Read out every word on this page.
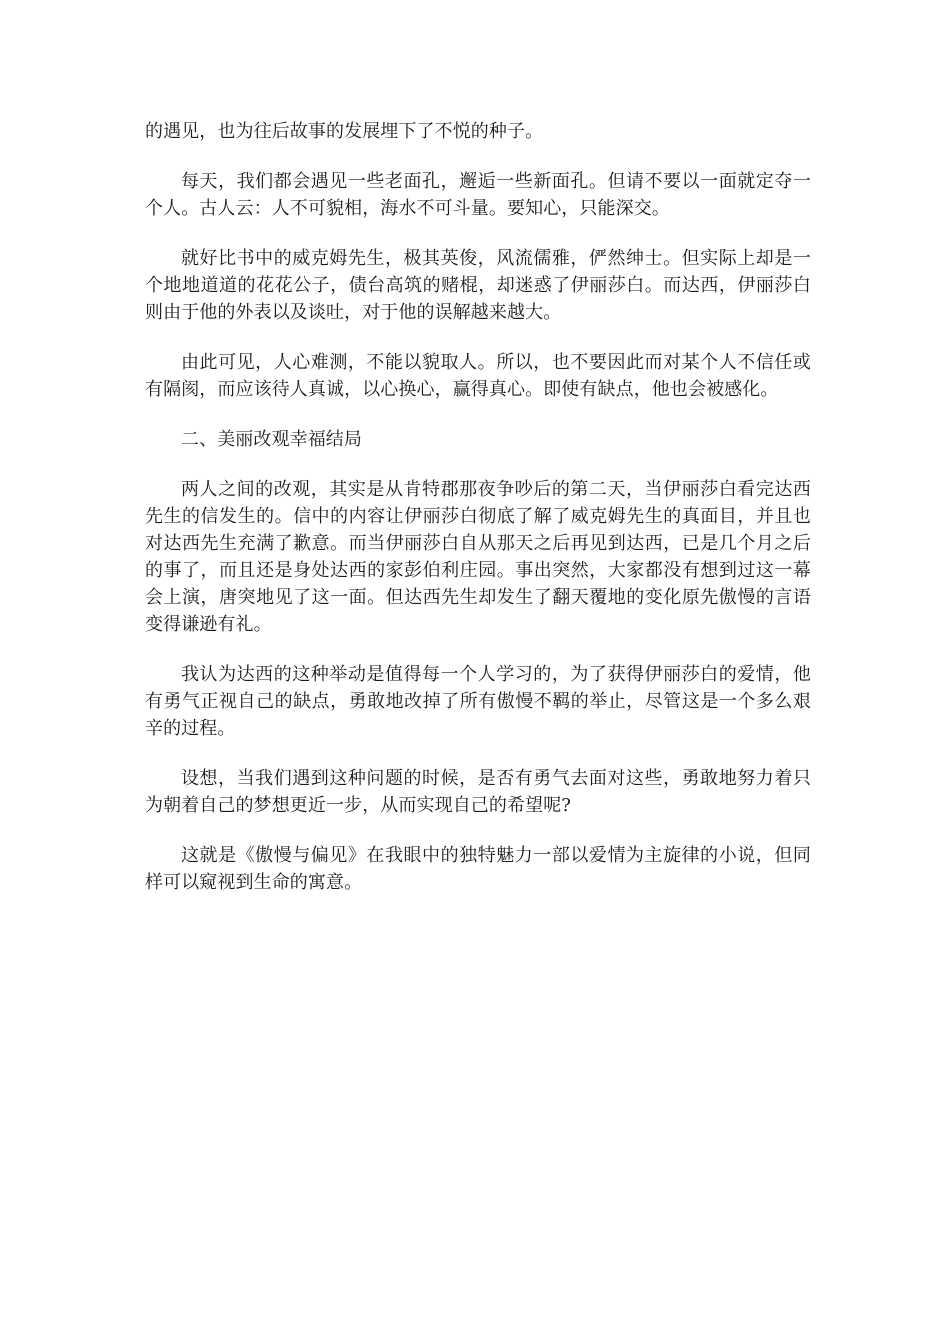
的遇见，也为往后故事的发展埋下了不悦的种子。

每天，我们都会遇见一些老面孔，邂逅一些新面孔。但请不要以一面就定夺一个人。古人云：人不可貌相，海水不可斗量。要知心，只能深交。

就好比书中的威克姆先生，极其英俊，风流儒雅，俨然绅士。但实际上却是一个地地道道的花花公子，债台高筑的赌棍，却迷惑了伊丽莎白。而达西，伊丽莎白则由于他的外表以及谈吐，对于他的误解越来越大。

由此可见，人心难测，不能以貌取人。所以，也不要因此而对某个人不信任或有隔阂，而应该待人真诚，以心换心，赢得真心。即使有缺点，他也会被感化。

二、美丽改观幸福结局

两人之间的改观，其实是从肯特郡那夜争吵后的第二天，当伊丽莎白看完达西先生的信发生的。信中的内容让伊丽莎白彻底了解了威克姆先生的真面目，并且也对达西先生充满了歉意。而当伊丽莎白自从那天之后再见到达西，已是几个月之后的事了，而且还是身处达西的家彭伯利庄园。事出突然，大家都没有想到过这一幕会上演，唐突地见了这一面。但达西先生却发生了翻天覆地的变化原先傲慢的言语变得谦逊有礼。

我认为达西的这种举动是值得每一个人学习的，为了获得伊丽莎白的爱情，他有勇气正视自己的缺点，勇敢地改掉了所有傲慢不羁的举止，尽管这是一个多么艰辛的过程。

设想，当我们遇到这种问题的时候，是否有勇气去面对这些，勇敢地努力着只为朝着自己的梦想更近一步，从而实现自己的希望呢?

这就是《傲慢与偏见》在我眼中的独特魅力一部以爱情为主旋律的小说，但同样可以窥视到生命的寓意。
